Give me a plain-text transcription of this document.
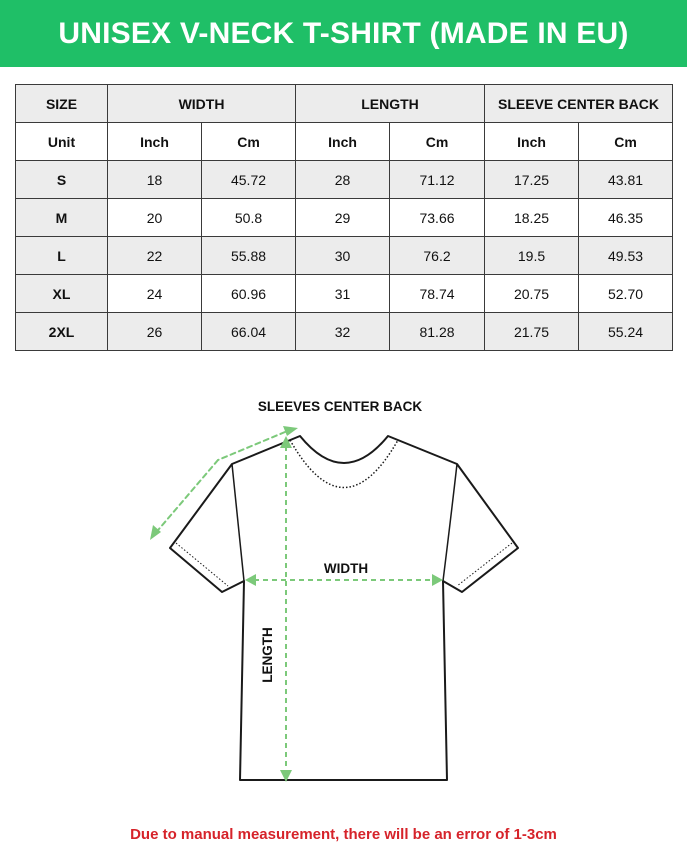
UNISEX V-NECK T-SHIRT (MADE IN EU)
SIZE	WIDTH		LENGTH		SLEEVE CENTER BACK	
Unit	Inch	Cm	Inch	Cm	Inch	Cm
S	18	45.72	28	71.12	17.25	43.81
M	20	50.8	29	73.66	18.25	46.35
L	22	55.88	30	76.2	19.5	49.53
XL	24	60.96	31	78.74	20.75	52.70
2XL	26	66.04	32	81.28	21.75	55.24
SLEEVES CENTER BACK
WIDTH
LENGTH
Due to manual measurement, there will be an error of 1-3cm
